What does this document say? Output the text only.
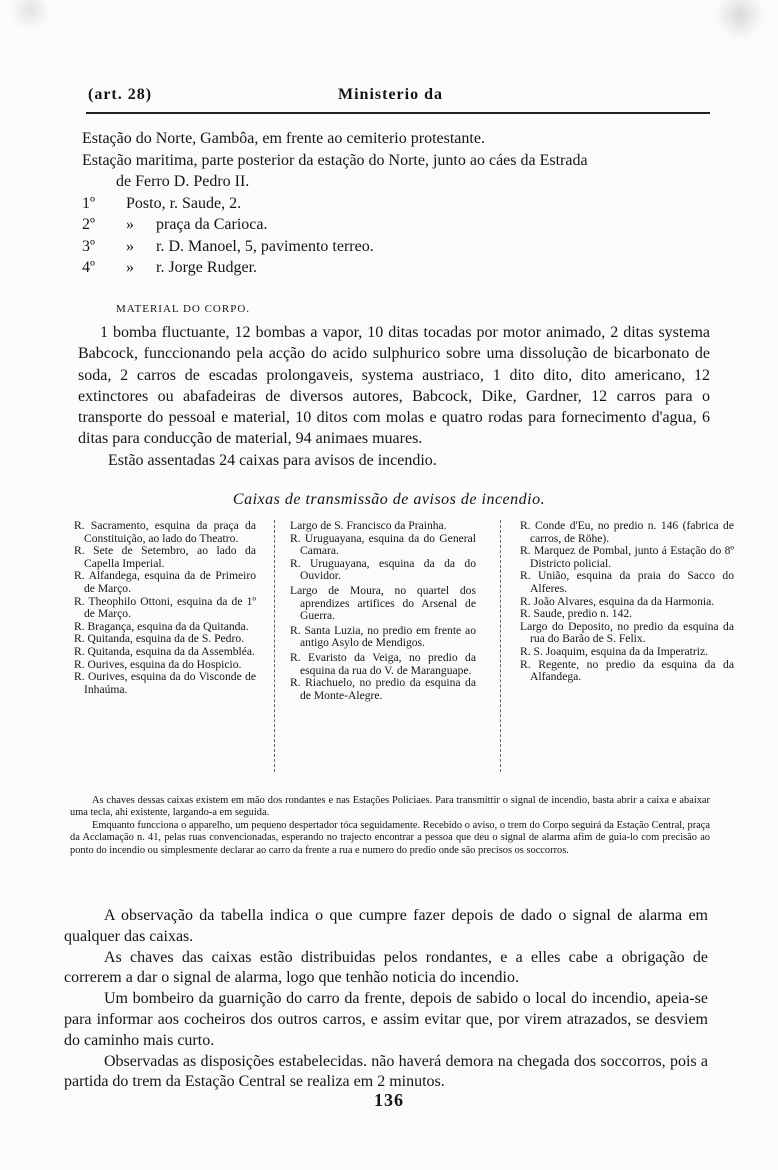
(art. 28)	Ministerio da
Estação do Norte, Gambôa, em frente ao cemiterio protestante.
Estação maritima, parte posterior da estação do Norte, junto ao cáes da Estrada
de Ferro D. Pedro II.
1º Posto, r. Saude, 2.
2º » praça da Carioca.
3º » r. D. Manoel, 5, pavimento terreo.
4º » r. Jorge Rudger.
MATERIAL DO CORPO.

1 bomba fluctuante, 12 bombas a vapor, 10 ditas tocadas por motor animado, 2 ditas systema Babcock, funccionando pela acção do acido sulphurico sobre uma dissolução de bicarbonato de soda, 2 carros de escadas prolongaveis, systema austriaco, 1 dito dito, dito americano, 12 extinctores ou abafadeiras de diversos autores, Babcock, Dike, Gardner, 12 carros para o transporte do pessoal e material, 10 ditos com molas e quatro rodas para fornecimento d'agua, 6 ditas para conducção de material, 94 animaes muares.

Estão assentadas 24 caixas para avisos de incendio.

Caixas de transmissão de avisos de incendio.
R. Sacramento, esquina da praça da Constituição, ao lado do Theatro.
R. Sete de Setembro, ao lado da Capella Imperial.
R. Alfandega, esquina da de Primeiro de Março.
R. Theophilo Ottoni, esquina da de 1º de Março.
R. Bragança, esquina da da Quitanda.
R. Quitanda, esquina da de S. Pedro.
R. Quitanda, esquina da da Assembléa.
R. Ourives, esquina da do Hospicio.
R. Ourives, esquina da do Visconde de Inhaúma.
Largo de S. Francisco da Prainha.
R. Uruguayana, esquina da do General Camara.
R. Uruguayana, esquina da da do Ouvidor.
Largo de Moura, no quartel dos aprendizes artifices do Arsenal de Guerra.
R. Santa Luzia, no predio em frente ao antigo Asylo de Mendigos.
R. Evaristo da Veiga, no predio da esquina da rua do V. de Maranguape.
R. Riachuelo, no predio da esquina da de Monte-Alegre.
R. Conde d'Eu, no predio n. 146 (fabrica de carros, de Röhe).
R. Marquez de Pombal, junto á Estação do 8º Districto policial.
R. União, esquina da praia do Sacco do Alferes.
R. João Alvares, esquina da da Harmonia.
R. Saude, predio n. 142.
Largo do Deposito, no predio da esquina da rua do Barão de S. Felix.
R. S. Joaquim, esquina da da Imperatriz.
R. Regente, no predio da esquina da da Alfandega.

As chaves dessas caixas existem em mão dos rondantes e nas Estações Policiaes. Para transmittir o signal de incendio, basta abrir a caixa e abaixar uma tecla, ahi existente, largando-a em seguida.

Emquanto funcciona o apparelho, um pequeno despertador tóca seguidamente. Recebido o aviso, o trem do Corpo seguirá da Estação Central, praça da Acclamação n. 41, pelas ruas convencionadas, esperando no trajecto encontrar a pessoa que deu o signal de alarma afim de guia-lo com precisão ao ponto do incendio ou simplesmente declarar ao carro da frente a rua e numero do predio onde são precisos os soccorros.

A observação da tabella indica o que cumpre fazer depois de dado o signal de alarma em qualquer das caixas.

As chaves das caixas estão distribuidas pelos rondantes, e a elles cabe a obrigação de correrem a dar o signal de alarma, logo que tenhão noticia do incendio.

Um bombeiro da guarnição do carro da frente, depois de sabido o local do incendio, apeia-se para informar aos cocheiros dos outros carros, e assim evitar que, por virem atrazados, se desviem do caminho mais curto.

Observadas as disposições estabelecidas. não haverá demora na chegada dos soccorros, pois a partida do trem da Estação Central se realiza em 2 minutos.

136
